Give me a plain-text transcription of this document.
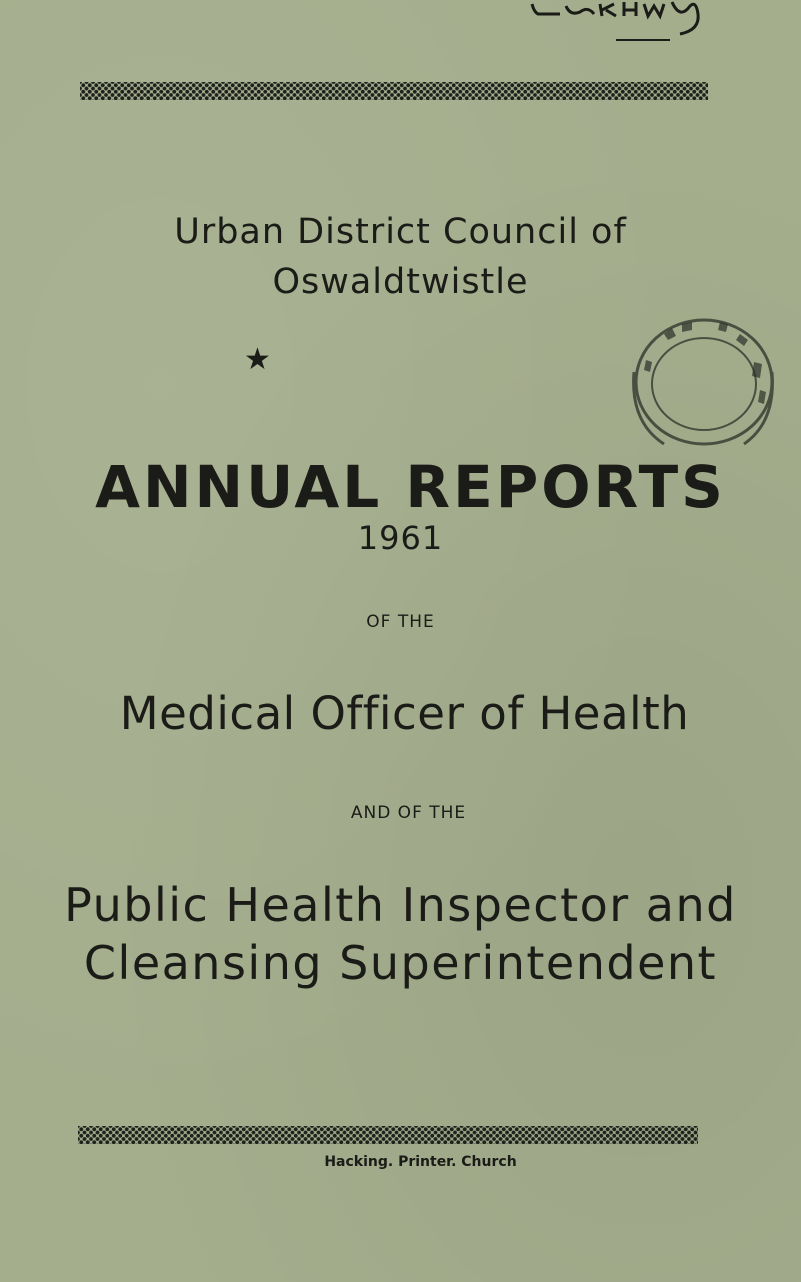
Urban District Council of
Oswaldtwistle
★
ANNUAL REPORTS
1961
OF THE
Medical Officer of Health
AND OF THE
Public Health Inspector and
Cleansing Superintendent
Hacking. Printer. Church
